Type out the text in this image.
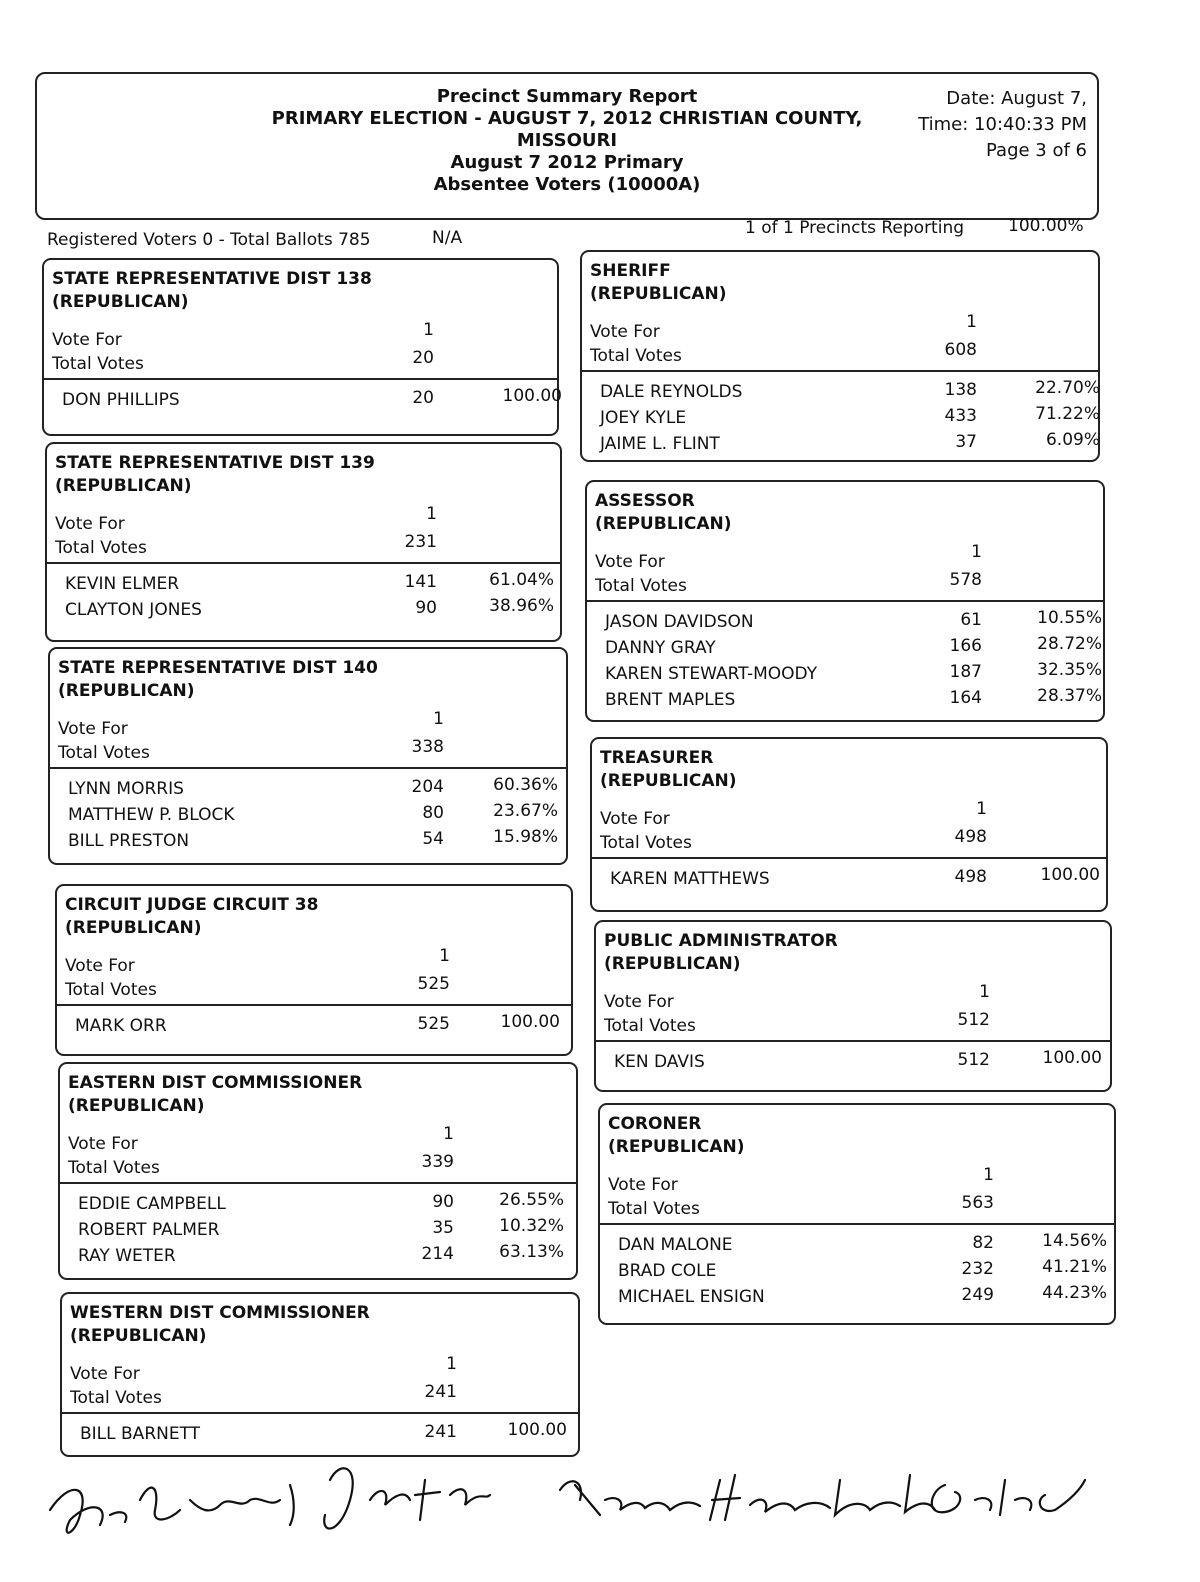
Precinct Summary Report
PRIMARY ELECTION - AUGUST 7, 2012 CHRISTIAN COUNTY,
MISSOURI
August 7 2012 Primary
Absentee Voters (10000A)
Date: August 7,
Time: 10:40:33 PM
Page 3 of 6
Registered Voters 0 - Total Ballots 785	N/A	1 of 1 Precincts Reporting	100.00%
STATE REPRESENTATIVE DIST 138
(REPUBLICAN)
Vote For	1
Total Votes	20
DON PHILLIPS	20	100.00
STATE REPRESENTATIVE DIST 139
(REPUBLICAN)
Vote For	1
Total Votes	231
KEVIN ELMER	141	61.04%
CLAYTON JONES	90	38.96%
STATE REPRESENTATIVE DIST 140
(REPUBLICAN)
Vote For	1
Total Votes	338
LYNN MORRIS	204	60.36%
MATTHEW P. BLOCK	80	23.67%
BILL PRESTON	54	15.98%
CIRCUIT JUDGE CIRCUIT 38
(REPUBLICAN)
Vote For	1
Total Votes	525
MARK ORR	525	100.00
EASTERN DIST COMMISSIONER
(REPUBLICAN)
Vote For	1
Total Votes	339
EDDIE CAMPBELL	90	26.55%
ROBERT PALMER	35	10.32%
RAY WETER	214	63.13%
WESTERN DIST COMMISSIONER
(REPUBLICAN)
Vote For	1
Total Votes	241
BILL BARNETT	241	100.00
SHERIFF
(REPUBLICAN)
Vote For	1
Total Votes	608
DALE REYNOLDS	138	22.70%
JOEY KYLE	433	71.22%
JAIME L. FLINT	37	6.09%
ASSESSOR
(REPUBLICAN)
Vote For	1
Total Votes	578
JASON DAVIDSON	61	10.55%
DANNY GRAY	166	28.72%
KAREN STEWART-MOODY	187	32.35%
BRENT MAPLES	164	28.37%
TREASURER
(REPUBLICAN)
Vote For	1
Total Votes	498
KAREN MATTHEWS	498	100.00
PUBLIC ADMINISTRATOR
(REPUBLICAN)
Vote For	1
Total Votes	512
KEN DAVIS	512	100.00
CORONER
(REPUBLICAN)
Vote For	1
Total Votes	563
DAN MALONE	82	14.56%
BRAD COLE	232	41.21%
MICHAEL ENSIGN	249	44.23%
